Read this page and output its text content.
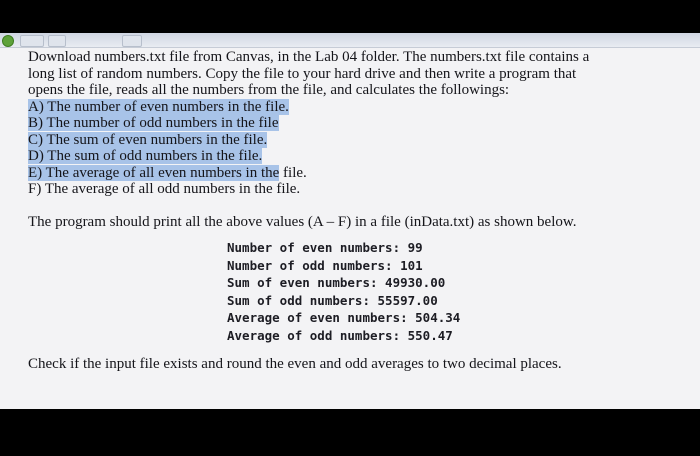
Download numbers.txt file from Canvas, in the Lab 04 folder. The numbers.txt file contains a

long list of random numbers. Copy the file to your hard drive and then write a program that

opens the file, reads all the numbers from the file, and calculates the followings:

A) The number of even numbers in the file.
B) The number of odd numbers in the file
C) The sum of even numbers in the file.
D) The sum of odd numbers in the file.
E) The average of all even numbers in the file.
F) The average of all odd numbers in the file.
The program should print all the above values (A – F) in a file (inData.txt) as shown below.
Number of even numbers: 99
Number of odd numbers: 101
Sum of even numbers: 49930.00
Sum of odd numbers: 55597.00
Average of even numbers: 504.34
Average of odd numbers: 550.47
Check if the input file exists and round the even and odd averages to two decimal places.
